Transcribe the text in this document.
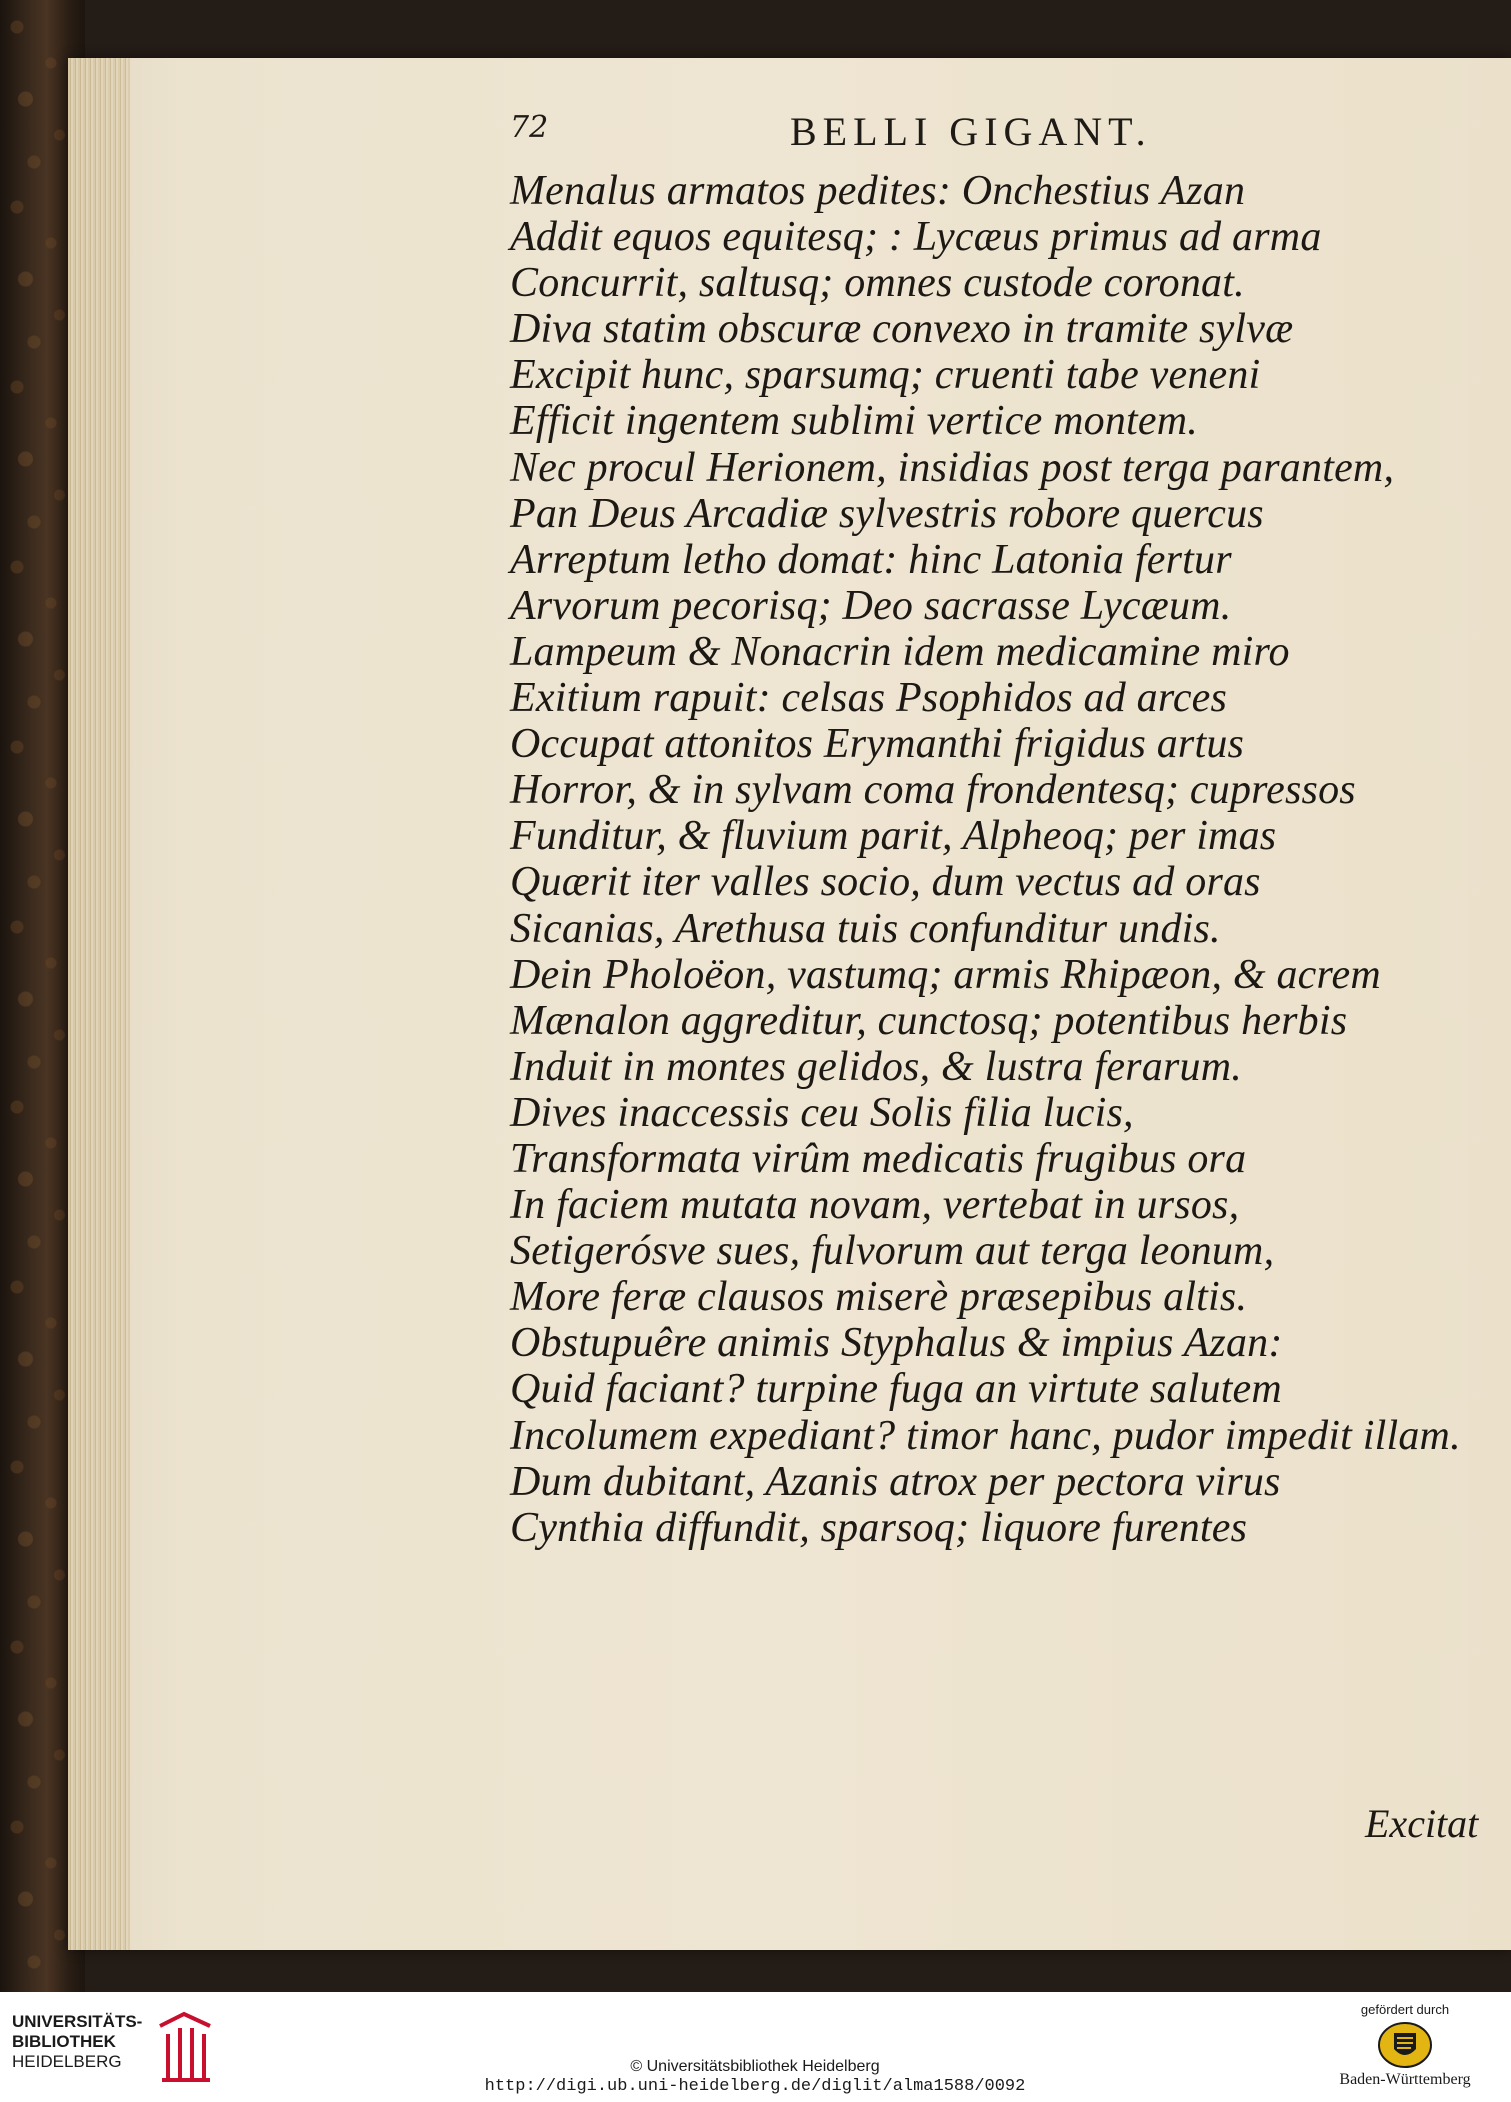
72	BELLI GIGANT.
Menalus armatos pedites: Onchestius Azan
Addit equos equitesq; : Lycæus primus ad arma
Concurrit, saltusq; omnes custode coronat.
Diva statim obscuræ convexo in tramite sylvæ
Excipit hunc, sparsumq; cruenti tabe veneni
Efficit ingentem sublimi vertice montem.
Nec procul Herionem, insidias post terga parantem,
Pan Deus Arcadiæ sylvestris robore quercus
Arreptum letho domat: hinc Latonia fertur
Arvorum pecorisq; Deo sacrasse Lycæum.
Lampeum & Nonacrin idem medicamine miro
Exitium rapuit: celsas Psophidos ad arces
Occupat attonitos Erymanthi frigidus artus
Horror, & in sylvam coma frondentesq; cupressos
Funditur, & fluvium parit, Alpheoq; per imas
Quærit iter valles socio, dum vectus ad oras
Sicanias, Arethusa tuis confunditur undis.
Dein Pholoëon, vastumq; armis Rhipæon, & acrem
Mænalon aggreditur, cunctosq; potentibus herbis
Induit in montes gelidos, & lustra ferarum.
Dives inaccessis ceu Solis filia lucis,
Transformata virûm medicatis frugibus ora
In faciem mutata novam, vertebat in ursos,
Setigerósve sues, fulvorum aut terga leonum,
More feræ clausos miserè præsepibus altis.
Obstupuêre animis Styphalus & impius Azan:
Quid faciant? turpine fuga an virtute salutem
Incolumem expediant? timor hanc, pudor impedit illam.
Dum dubitant, Azanis atrox per pectora virus
Cynthia diffundit, sparsoq; liquore furentes
Excitat
UNIVERSITÄTS-
BIBLIOTHEK
HEIDELBERG	© Universitätsbibliothek Heidelberg
http://digi.ub.uni-heidelberg.de/diglit/alma1588/0092
gefördert durch
Baden-Württemberg
